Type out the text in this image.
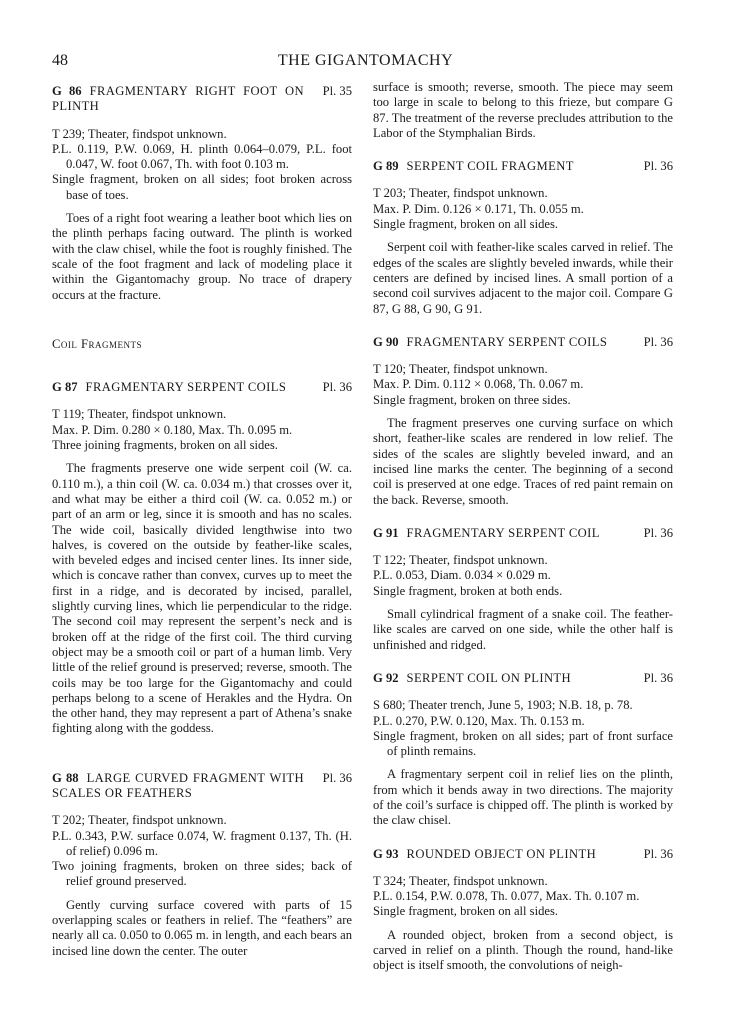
48	THE GIGANTOMACHY

G 86 FRAGMENTARY RIGHT FOOT ON PLINTH
Pl. 35

T 239; Theater, findspot unknown.

P.L. 0.119, P.W. 0.069, H. plinth 0.064–0.079, P.L. foot 0.047, W. foot 0.067, Th. with foot 0.103 m.

Single fragment, broken on all sides; foot broken across base of toes.

Toes of a right foot wearing a leather boot which lies on the plinth perhaps facing outward. The plinth is worked with the claw chisel, while the foot is roughly finished. The scale of the foot fragment and lack of modeling place it within the Gigantomachy group. No trace of drapery occurs at the fracture.

Coil Fragments

G 87 FRAGMENTARY SERPENT COILS	Pl. 36

T 119; Theater, findspot unknown.

Max. P. Dim. 0.280 × 0.180, Max. Th. 0.095 m.

Three joining fragments, broken on all sides.

The fragments preserve one wide serpent coil (W. ca. 0.110 m.), a thin coil (W. ca. 0.034 m.) that crosses over it, and what may be either a third coil (W. ca. 0.052 m.) or part of an arm or leg, since it is smooth and has no scales. The wide coil, basically divided lengthwise into two halves, is covered on the outside by feather-like scales, with beveled edges and incised center lines. Its inner side, which is concave rather than convex, curves up to meet the first in a ridge, and is decorated by incised, parallel, slightly curving lines, which lie perpendicular to the ridge. The second coil may represent the serpent’s neck and is broken off at the ridge of the first coil. The third curving object may be a smooth coil or part of a human limb. Very little of the relief ground is preserved; reverse, smooth. The coils may be too large for the Gigantomachy and could perhaps belong to a scene of Herakles and the Hydra. On the other hand, they may represent a part of Athena’s snake fighting along with the goddess.

G 88 LARGE CURVED FRAGMENT WITH SCALES OR FEATHERS
Pl. 36

T 202; Theater, findspot unknown.

P.L. 0.343, P.W. surface 0.074, W. fragment 0.137, Th. (H. of relief) 0.096 m.

Two joining fragments, broken on three sides; back of relief ground preserved.

Gently curving surface covered with parts of 15 overlapping scales or feathers in relief. The “feathers” are nearly all ca. 0.050 to 0.065 m. in length, and each bears an incised line down the center. The outer

surface is smooth; reverse, smooth. The piece may seem too large in scale to belong to this frieze, but compare G 87. The treatment of the reverse precludes attribution to the Labor of the Stymphalian Birds.

G 89 SERPENT COIL FRAGMENT	Pl. 36

T 203; Theater, findspot unknown.

Max. P. Dim. 0.126 × 0.171, Th. 0.055 m.

Single fragment, broken on all sides.

Serpent coil with feather-like scales carved in relief. The edges of the scales are slightly beveled inwards, while their centers are defined by incised lines. A small portion of a second coil survives adjacent to the major coil. Compare G 87, G 88, G 90, G 91.

G 90 FRAGMENTARY SERPENT COILS	Pl. 36

T 120; Theater, findspot unknown.

Max. P. Dim. 0.112 × 0.068, Th. 0.067 m.

Single fragment, broken on three sides.

The fragment preserves one curving surface on which short, feather-like scales are rendered in low relief. The sides of the scales are slightly beveled inward, and an incised line marks the center. The beginning of a second coil is preserved at one edge. Traces of red paint remain on the back. Reverse, smooth.

G 91 FRAGMENTARY SERPENT COIL	Pl. 36

T 122; Theater, findspot unknown.

P.L. 0.053, Diam. 0.034 × 0.029 m.

Single fragment, broken at both ends.

Small cylindrical fragment of a snake coil. The feather-like scales are carved on one side, while the other half is unfinished and ridged.

G 92 SERPENT COIL ON PLINTH	Pl. 36

S 680; Theater trench, June 5, 1903; N.B. 18, p. 78.

P.L. 0.270, P.W. 0.120, Max. Th. 0.153 m.

Single fragment, broken on all sides; part of front surface of plinth remains.

A fragmentary serpent coil in relief lies on the plinth, from which it bends away in two directions. The majority of the coil’s surface is chipped off. The plinth is worked by the claw chisel.

G 93 ROUNDED OBJECT ON PLINTH	Pl. 36

T 324; Theater, findspot unknown.

P.L. 0.154, P.W. 0.078, Th. 0.077, Max. Th. 0.107 m.

Single fragment, broken on all sides.

A rounded object, broken from a second object, is carved in relief on a plinth. Though the round, hand-like object is itself smooth, the convolutions of neigh-
